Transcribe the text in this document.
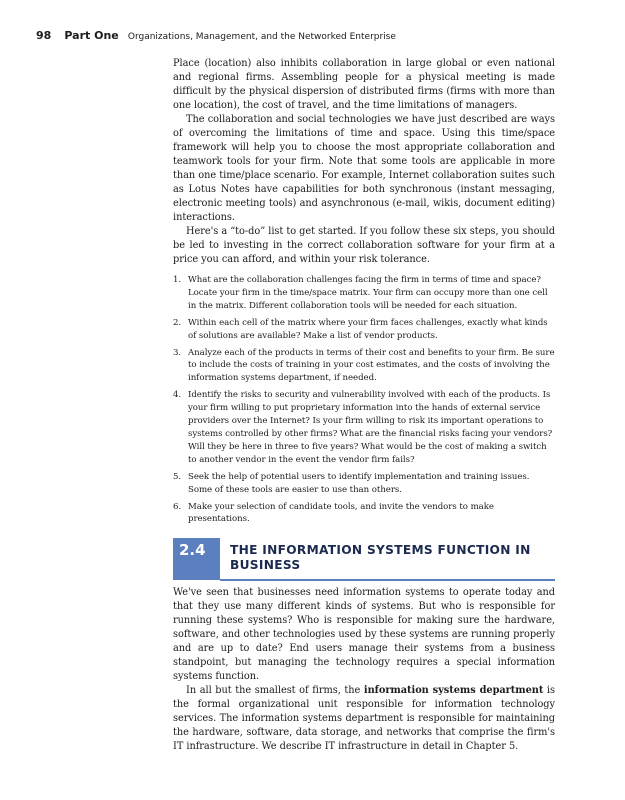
98 Part One Organizations, Management, and the Networked Enterprise

Place (location) also inhibits collaboration in large global or even national and regional firms. Assembling people for a physical meeting is made difficult by the physical dispersion of distributed firms (firms with more than one location), the cost of travel, and the time limitations of managers.

The collaboration and social technologies we have just described are ways of overcoming the limitations of time and space. Using this time/space framework will help you to choose the most appropriate collaboration and teamwork tools for your firm. Note that some tools are applicable in more than one time/place scenario. For example, Internet collaboration suites such as Lotus Notes have capabilities for both synchronous (instant messaging, electronic meeting tools) and asynchronous (e-mail, wikis, document editing) interactions.

Here's a “to-do” list to get started. If you follow these six steps, you should be led to investing in the correct collaboration software for your firm at a price you can afford, and within your risk tolerance.

1. What are the collaboration challenges facing the firm in terms of time and space? Locate your firm in the time/space matrix. Your firm can occupy more than one cell in the matrix. Different collaboration tools will be needed for each situation.
2. Within each cell of the matrix where your firm faces challenges, exactly what kinds of solutions are available? Make a list of vendor products.
3. Analyze each of the products in terms of their cost and benefits to your firm. Be sure to include the costs of training in your cost estimates, and the costs of involving the information systems department, if needed.
4. Identify the risks to security and vulnerability involved with each of the products. Is your firm willing to put proprietary information into the hands of external service providers over the Internet? Is your firm willing to risk its important operations to systems controlled by other firms? What are the financial risks facing your vendors? Will they be here in three to five years? What would be the cost of making a switch to another vendor in the event the vendor firm fails?
5. Seek the help of potential users to identify implementation and training issues. Some of these tools are easier to use than others.
6. Make your selection of candidate tools, and invite the vendors to make presentations.
2.4 THE INFORMATION SYSTEMS FUNCTION IN BUSINESS

We've seen that businesses need information systems to operate today and that they use many different kinds of systems. But who is responsible for running these systems? Who is responsible for making sure the hardware, software, and other technologies used by these systems are running properly and are up to date? End users manage their systems from a business standpoint, but managing the technology requires a special information systems function.

In all but the smallest of firms, the information systems department is the formal organizational unit responsible for information technology services. The information systems department is responsible for maintaining the hardware, software, data storage, and networks that comprise the firm's IT infrastructure. We describe IT infrastructure in detail in Chapter 5.
